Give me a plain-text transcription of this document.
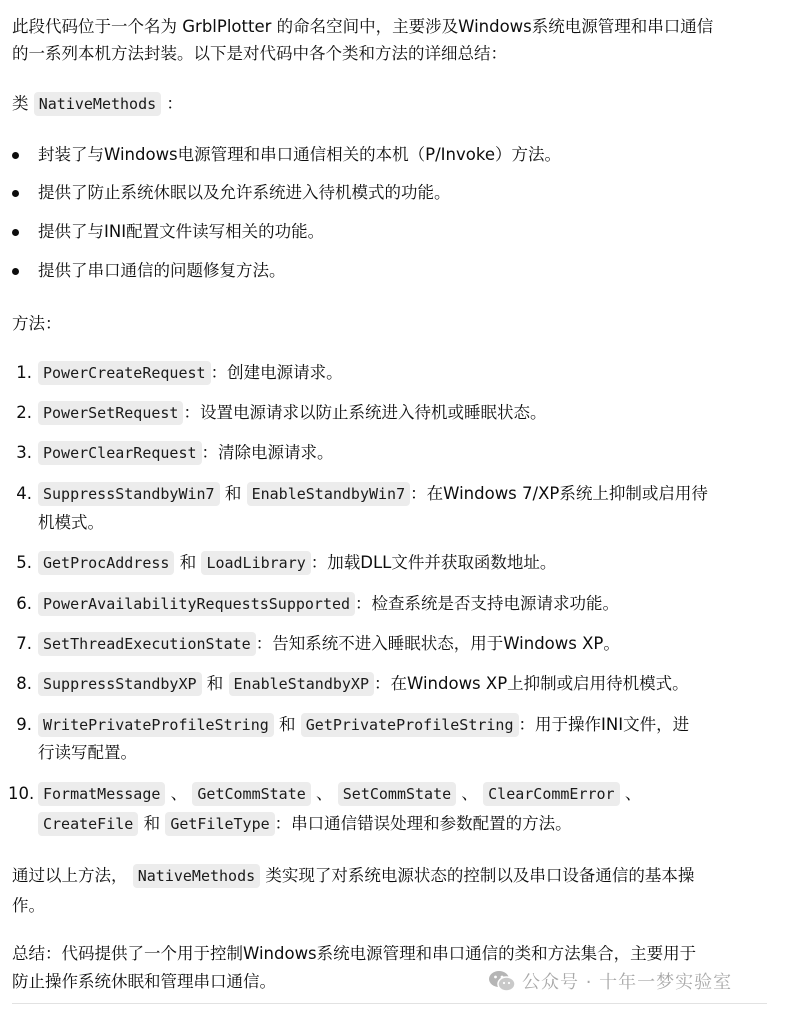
此段代码位于一个名为 GrblPlotter 的命名空间中，主要涉及Windows系统电源管理和串口通信
的一系列本机方法封装。以下是对代码中各个类和方法的详细总结：
类 NativeMethods ：
封装了与Windows电源管理和串口通信相关的本机（P/Invoke）方法。
提供了防止系统休眠以及允许系统进入待机模式的功能。
提供了与INI配置文件读写相关的功能。
提供了串口通信的问题修复方法。
方法：
1. PowerCreateRequest ：创建电源请求。
2. PowerSetRequest ：设置电源请求以防止系统进入待机或睡眠状态。
3. PowerClearRequest ：清除电源请求。
4. SuppressStandbyWin7 和 EnableStandbyWin7 ：在Windows 7/XP系统上抑制或启用待
机模式。
5. GetProcAddress 和 LoadLibrary ：加载DLL文件并获取函数地址。
6. PowerAvailabilityRequestsSupported ：检查系统是否支持电源请求功能。
7. SetThreadExecutionState ：告知系统不进入睡眠状态，用于Windows XP。
8. SuppressStandbyXP 和 EnableStandbyXP ：在Windows XP上抑制或启用待机模式。
9. WritePrivateProfileString 和 GetPrivateProfileString ：用于操作INI文件，进
行读写配置。
10. FormatMessage 、 GetCommState 、 SetCommState 、 ClearCommError 、
CreateFile 和 GetFileType ：串口通信错误处理和参数配置的方法。
通过以上方法， NativeMethods 类实现了对系统电源状态的控制以及串口设备通信的基本操
作。
总结：代码提供了一个用于控制Windows系统电源管理和串口通信的类和方法集合，主要用于
防止操作系统休眠和管理串口通信。	公众号 · 十年一梦实验室
